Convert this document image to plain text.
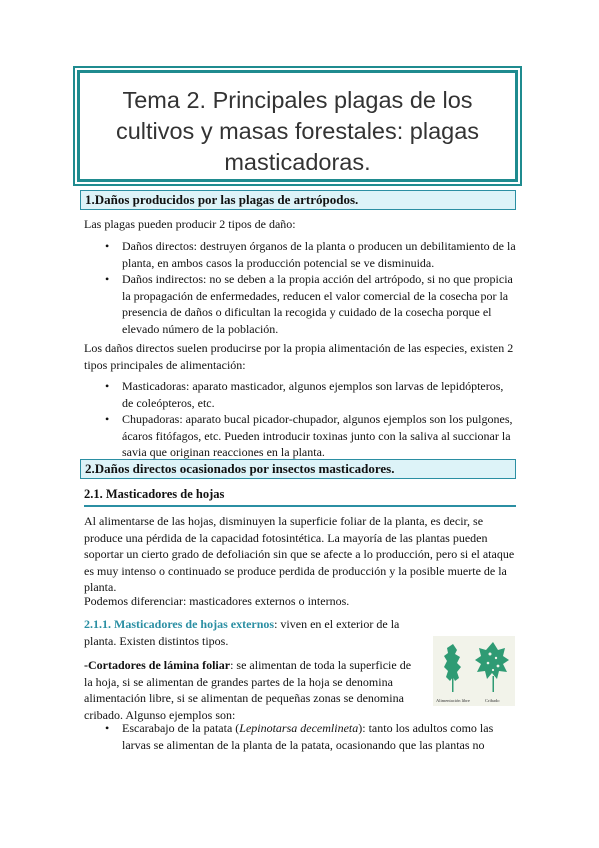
Tema 2. Principales plagas de los cultivos y masas forestales: plagas masticadoras.
1.Daños producidos por las plagas de artrópodos.
Las plagas pueden producir 2 tipos de daño:
• Daños directos: destruyen órganos de la planta o producen un debilitamiento de la planta, en ambos casos la producción potencial se ve disminuida.
• Daños indirectos: no se deben a la propia acción del artrópodo, si no que propicia la propagación de enfermedades, reducen el valor comercial de la cosecha por la presencia de daños o dificultan la recogida y cuidado de la cosecha porque el elevado número de la población.
Los daños directos suelen producirse por la propia alimentación de las especies, existen 2 tipos principales de alimentación:
• Masticadoras: aparato masticador, algunos ejemplos son larvas de lepidópteros, de coleópteros, etc.
• Chupadoras: aparato bucal picador-chupador, algunos ejemplos son los pulgones, ácaros fitófagos, etc. Pueden introducir toxinas junto con la saliva al succionar la savia que originan reacciones en la planta.
2.Daños directos ocasionados por insectos masticadores.
2.1. Masticadores de hojas
Al alimentarse de las hojas, disminuyen la superficie foliar de la planta, es decir, se produce una pérdida de la capacidad fotosintética. La mayoría de las plantas pueden soportar un cierto grado de defoliación sin que se afecte a lo producción, pero si el ataque es muy intenso o continuado se produce perdida de producción y la posible muerte de la planta.
Podemos diferenciar: masticadores externos o internos.
2.1.1. Masticadores de hojas externos: viven en el exterior de la planta. Existen distintos tipos.
-Cortadores de lámina foliar: se alimentan de toda la superficie de la hoja, si se alimentan de grandes partes de la hoja se denomina alimentación libre, si se alimentan de pequeñas zonas se denomina cribado. Algunso ejemplos son:
Alimentación libre	Cribado
• Escarabajo de la patata (Lepinotarsa decemlineta): tanto los adultos como las larvas se alimentan de la planta de la patata, ocasionando que las plantas no
